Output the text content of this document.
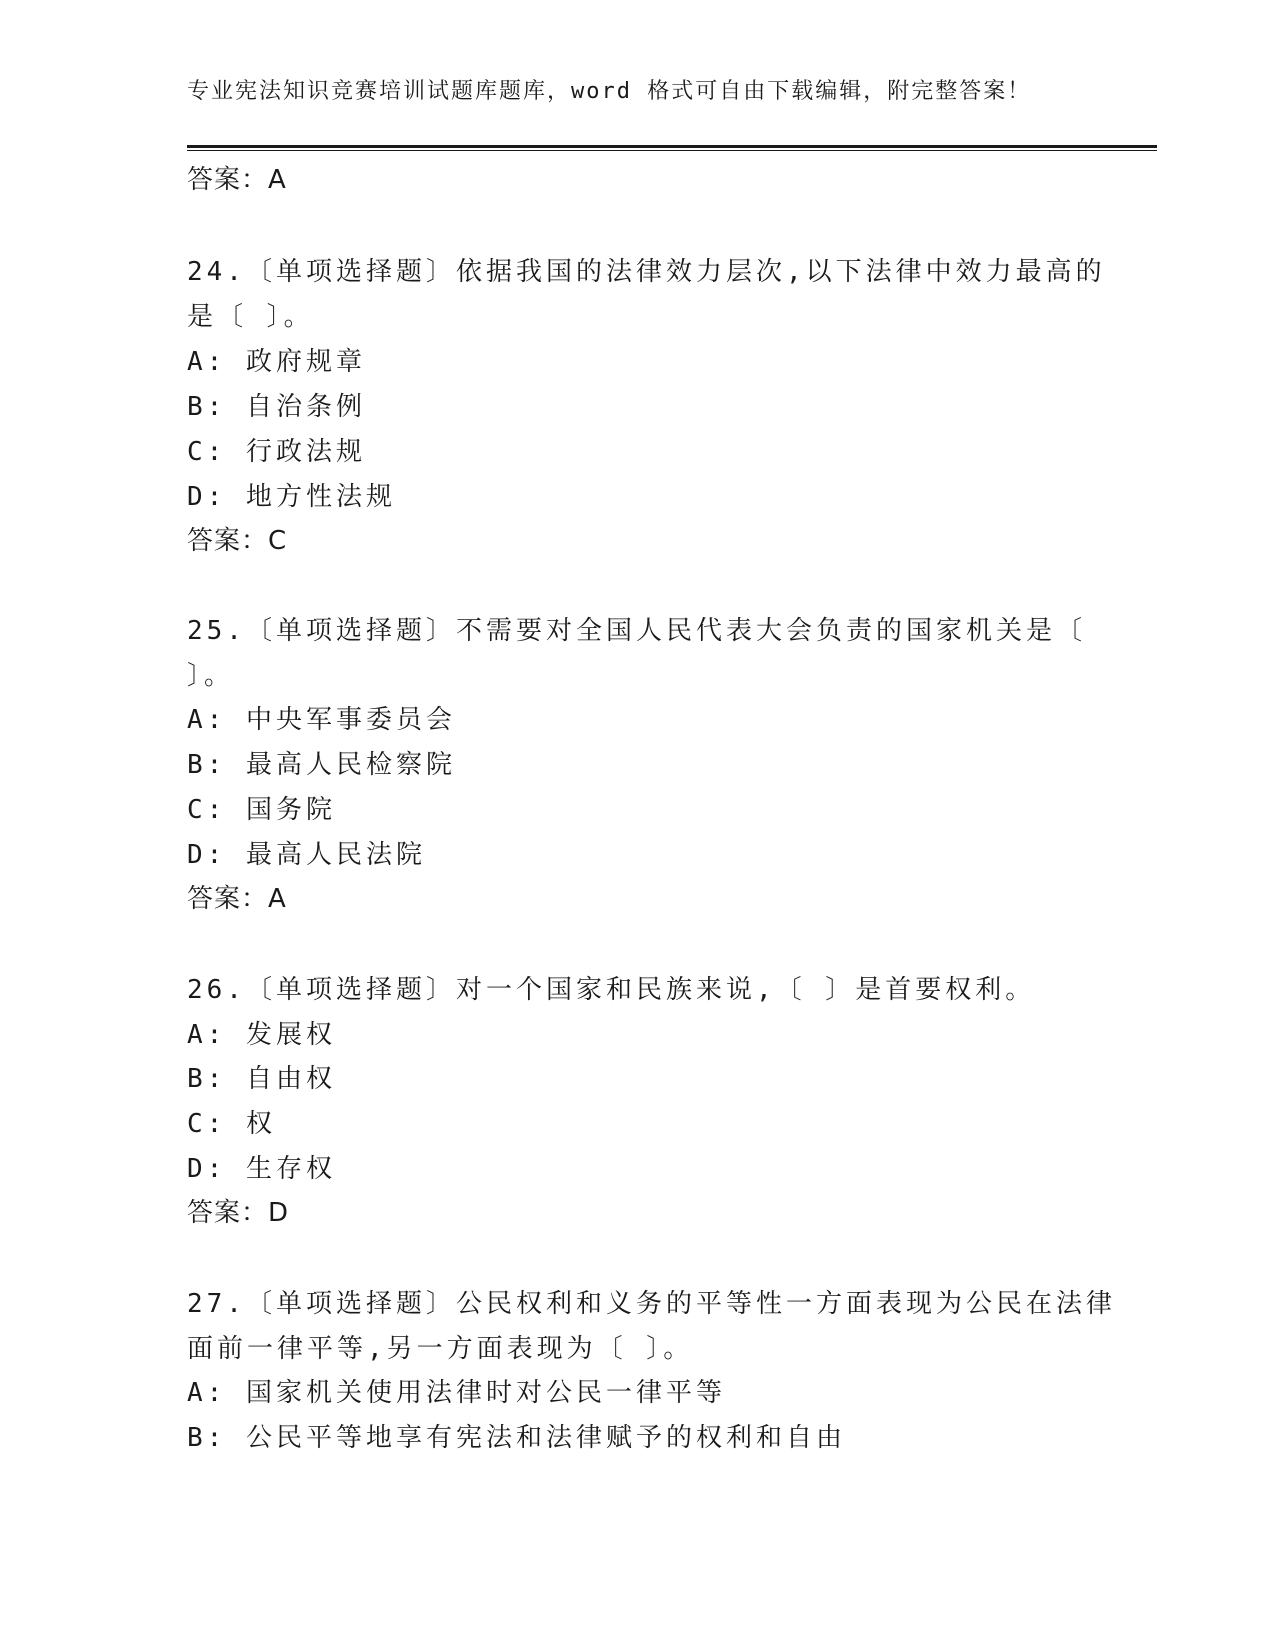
专业宪法知识竞赛培训试题库题库，word 格式可自由下载编辑，附完整答案！
答案：A
24.〔单项选择题〕依据我国的法律效力层次,以下法律中效力最高的
是〔 〕。
A: 政府规章
B: 自治条例
C: 行政法规
D: 地方性法规
答案：C
25.〔单项选择题〕不需要对全国人民代表大会负责的国家机关是〔
〕。
A: 中央军事委员会
B: 最高人民检察院
C: 国务院
D: 最高人民法院
答案：A
26.〔单项选择题〕对一个国家和民族来说,〔 〕是首要权利。
A: 发展权
B: 自由权
C: 权
D: 生存权
答案：D
27.〔单项选择题〕公民权利和义务的平等性一方面表现为公民在法律
面前一律平等,另一方面表现为〔 〕。
A: 国家机关使用法律时对公民一律平等
B: 公民平等地享有宪法和法律赋予的权利和自由
